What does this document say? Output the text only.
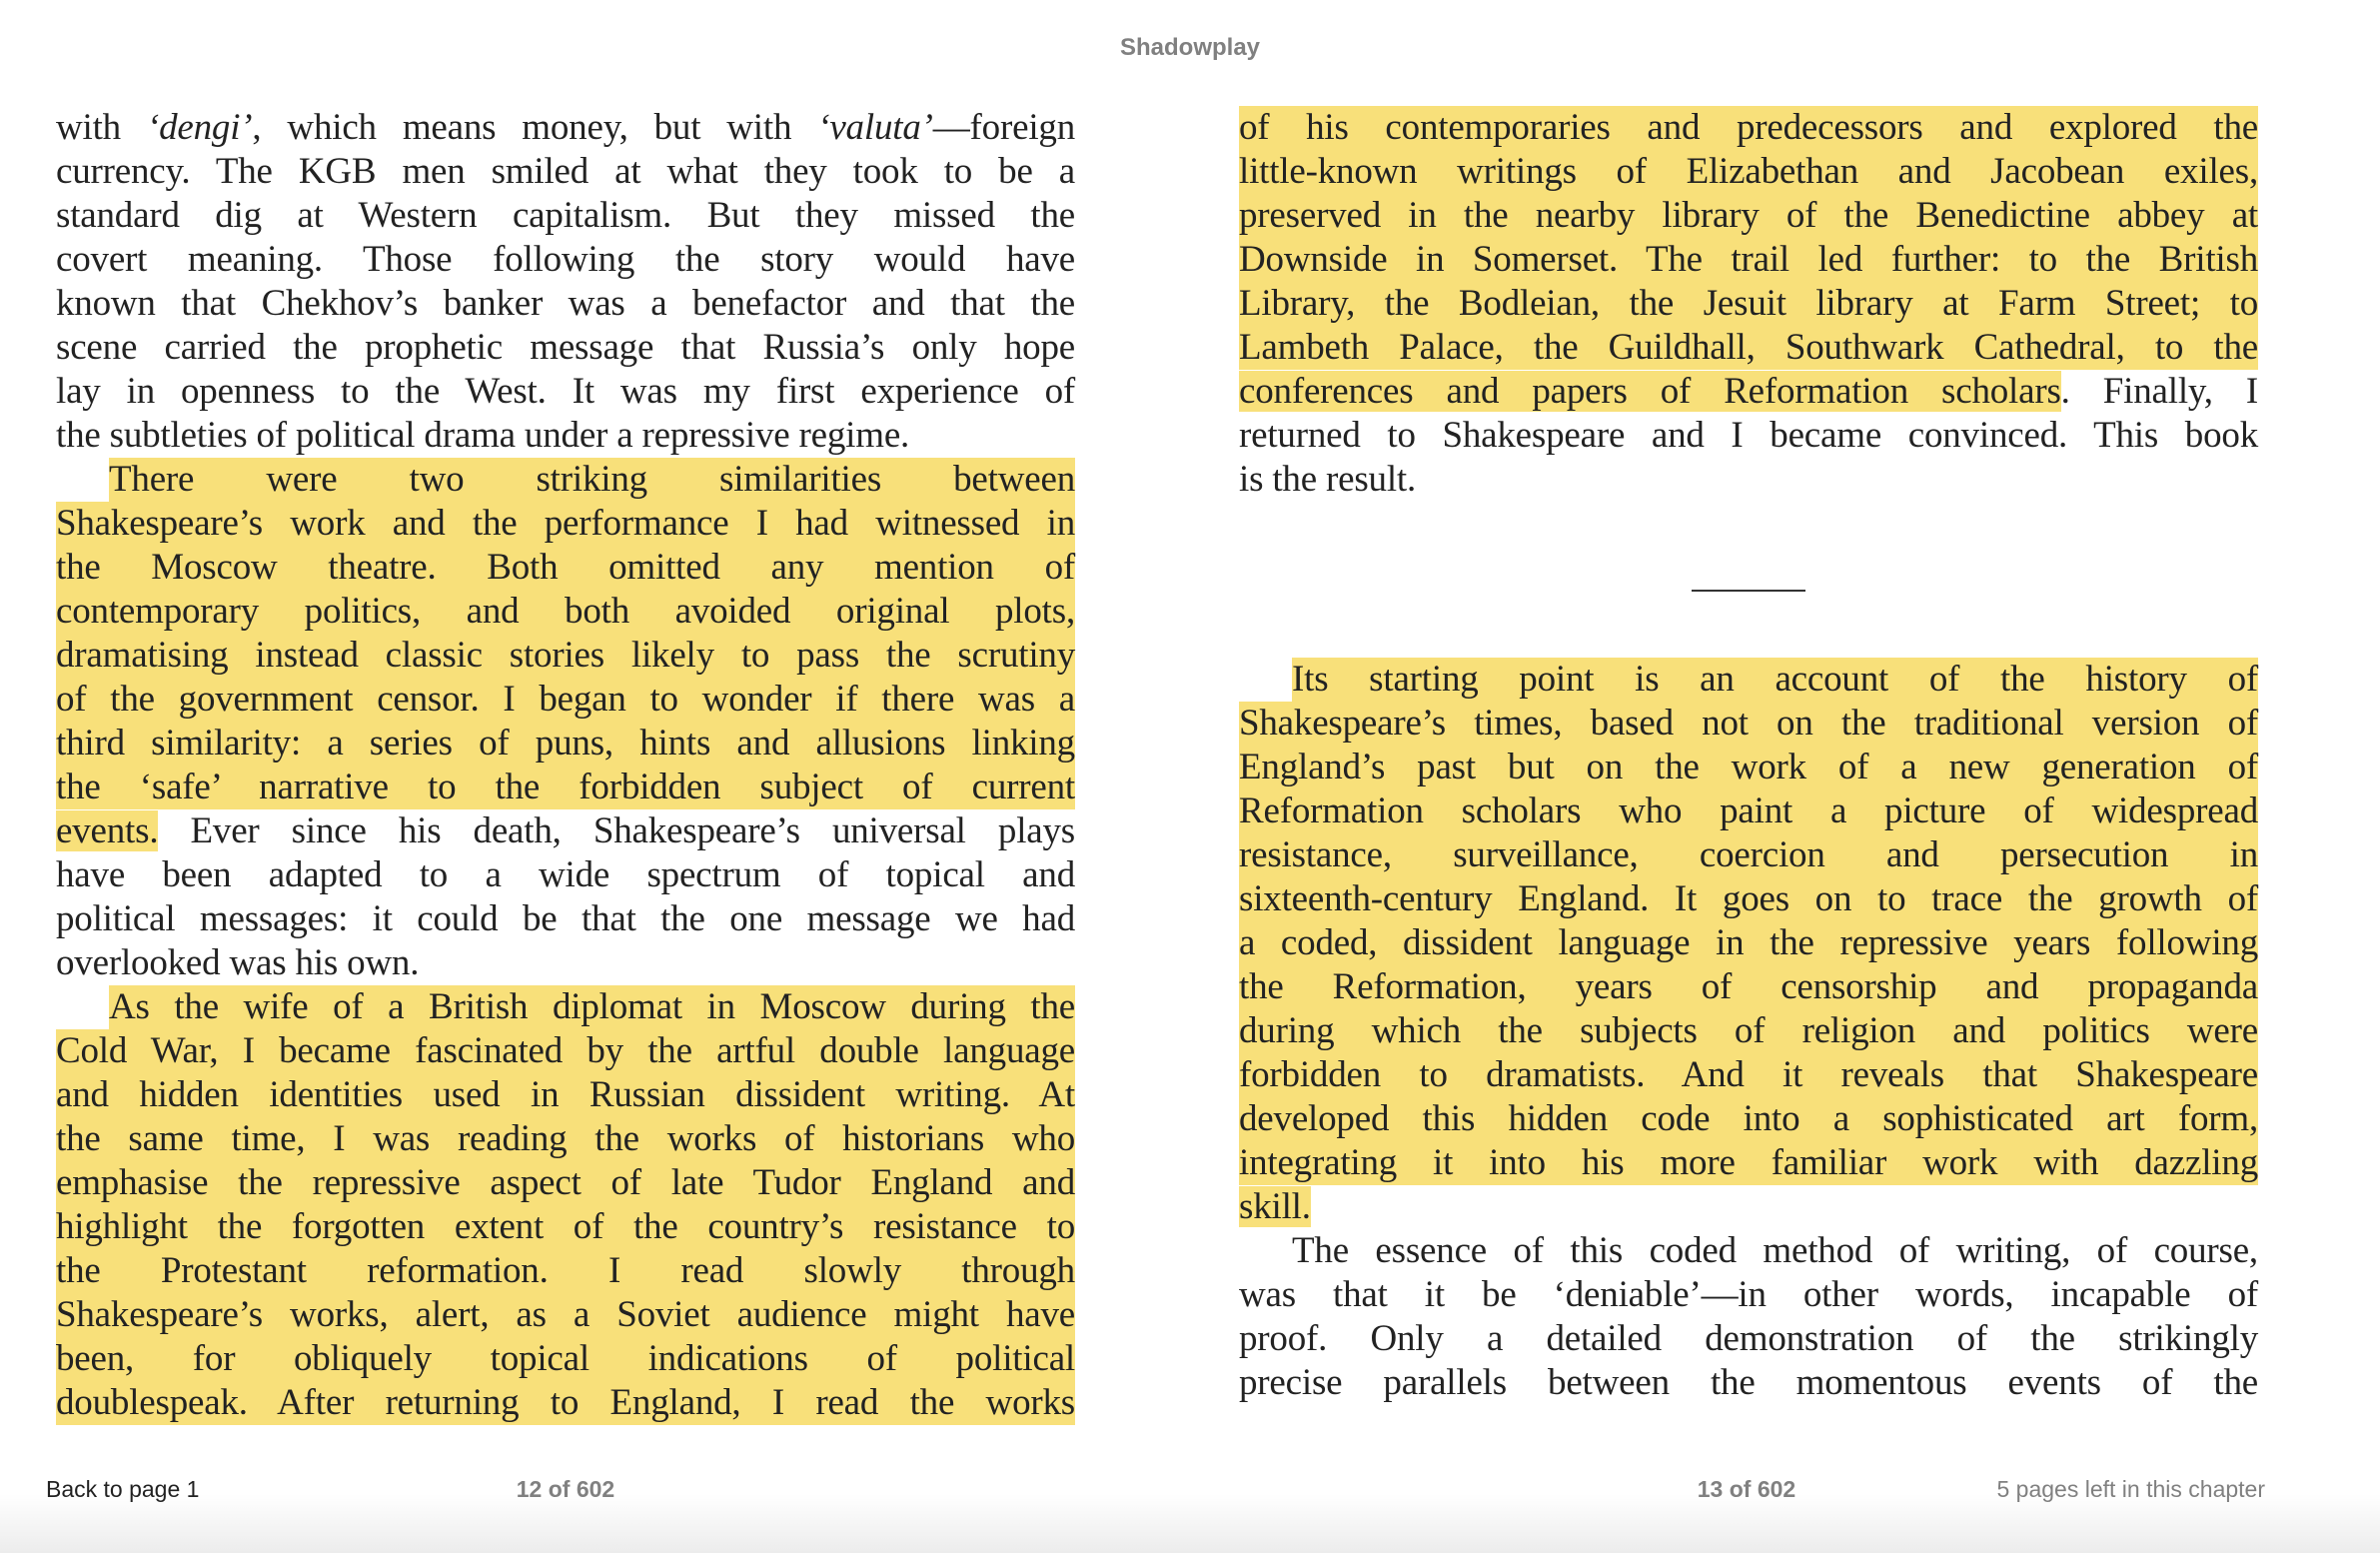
Shadowplay
with ‘dengi’, which means money, but with ‘valuta’—foreign
currency. The KGB men smiled at what they took to be a
standard dig at Western capitalism. But they missed the
covert meaning. Those following the story would have
known that Chekhov’s banker was a benefactor and that the
scene carried the prophetic message that Russia’s only hope
lay in openness to the West. It was my first experience of
the subtleties of political drama under a repressive regime.
There were two striking similarities between
Shakespeare’s work and the performance I had witnessed in
the Moscow theatre. Both omitted any mention of
contemporary politics, and both avoided original plots,
dramatising instead classic stories likely to pass the scrutiny
of the government censor. I began to wonder if there was a
third similarity: a series of puns, hints and allusions linking
the ‘safe’ narrative to the forbidden subject of current
events. Ever since his death, Shakespeare’s universal plays
have been adapted to a wide spectrum of topical and
political messages: it could be that the one message we had
overlooked was his own.
As the wife of a British diplomat in Moscow during the
Cold War, I became fascinated by the artful double language
and hidden identities used in Russian dissident writing. At
the same time, I was reading the works of historians who
emphasise the repressive aspect of late Tudor England and
highlight the forgotten extent of the country’s resistance to
the Protestant reformation. I read slowly through
Shakespeare’s works, alert, as a Soviet audience might have
been, for obliquely topical indications of political
doublespeak. After returning to England, I read the works
of his contemporaries and predecessors and explored the
little-known writings of Elizabethan and Jacobean exiles,
preserved in the nearby library of the Benedictine abbey at
Downside in Somerset. The trail led further: to the British
Library, the Bodleian, the Jesuit library at Farm Street; to
Lambeth Palace, the Guildhall, Southwark Cathedral, to the
conferences and papers of Reformation scholars. Finally, I
returned to Shakespeare and I became convinced. This book
is the result.
Its starting point is an account of the history of
Shakespeare’s times, based not on the traditional version of
England’s past but on the work of a new generation of
Reformation scholars who paint a picture of widespread
resistance, surveillance, coercion and persecution in
sixteenth-century England. It goes on to trace the growth of
a coded, dissident language in the repressive years following
the Reformation, years of censorship and propaganda
during which the subjects of religion and politics were
forbidden to dramatists. And it reveals that Shakespeare
developed this hidden code into a sophisticated art form,
integrating it into his more familiar work with dazzling
skill.
The essence of this coded method of writing, of course,
was that it be ‘deniable’—in other words, incapable of
proof. Only a detailed demonstration of the strikingly
precise parallels between the momentous events of the
Back to page 1	12 of 602	13 of 602	5 pages left in this chapter
